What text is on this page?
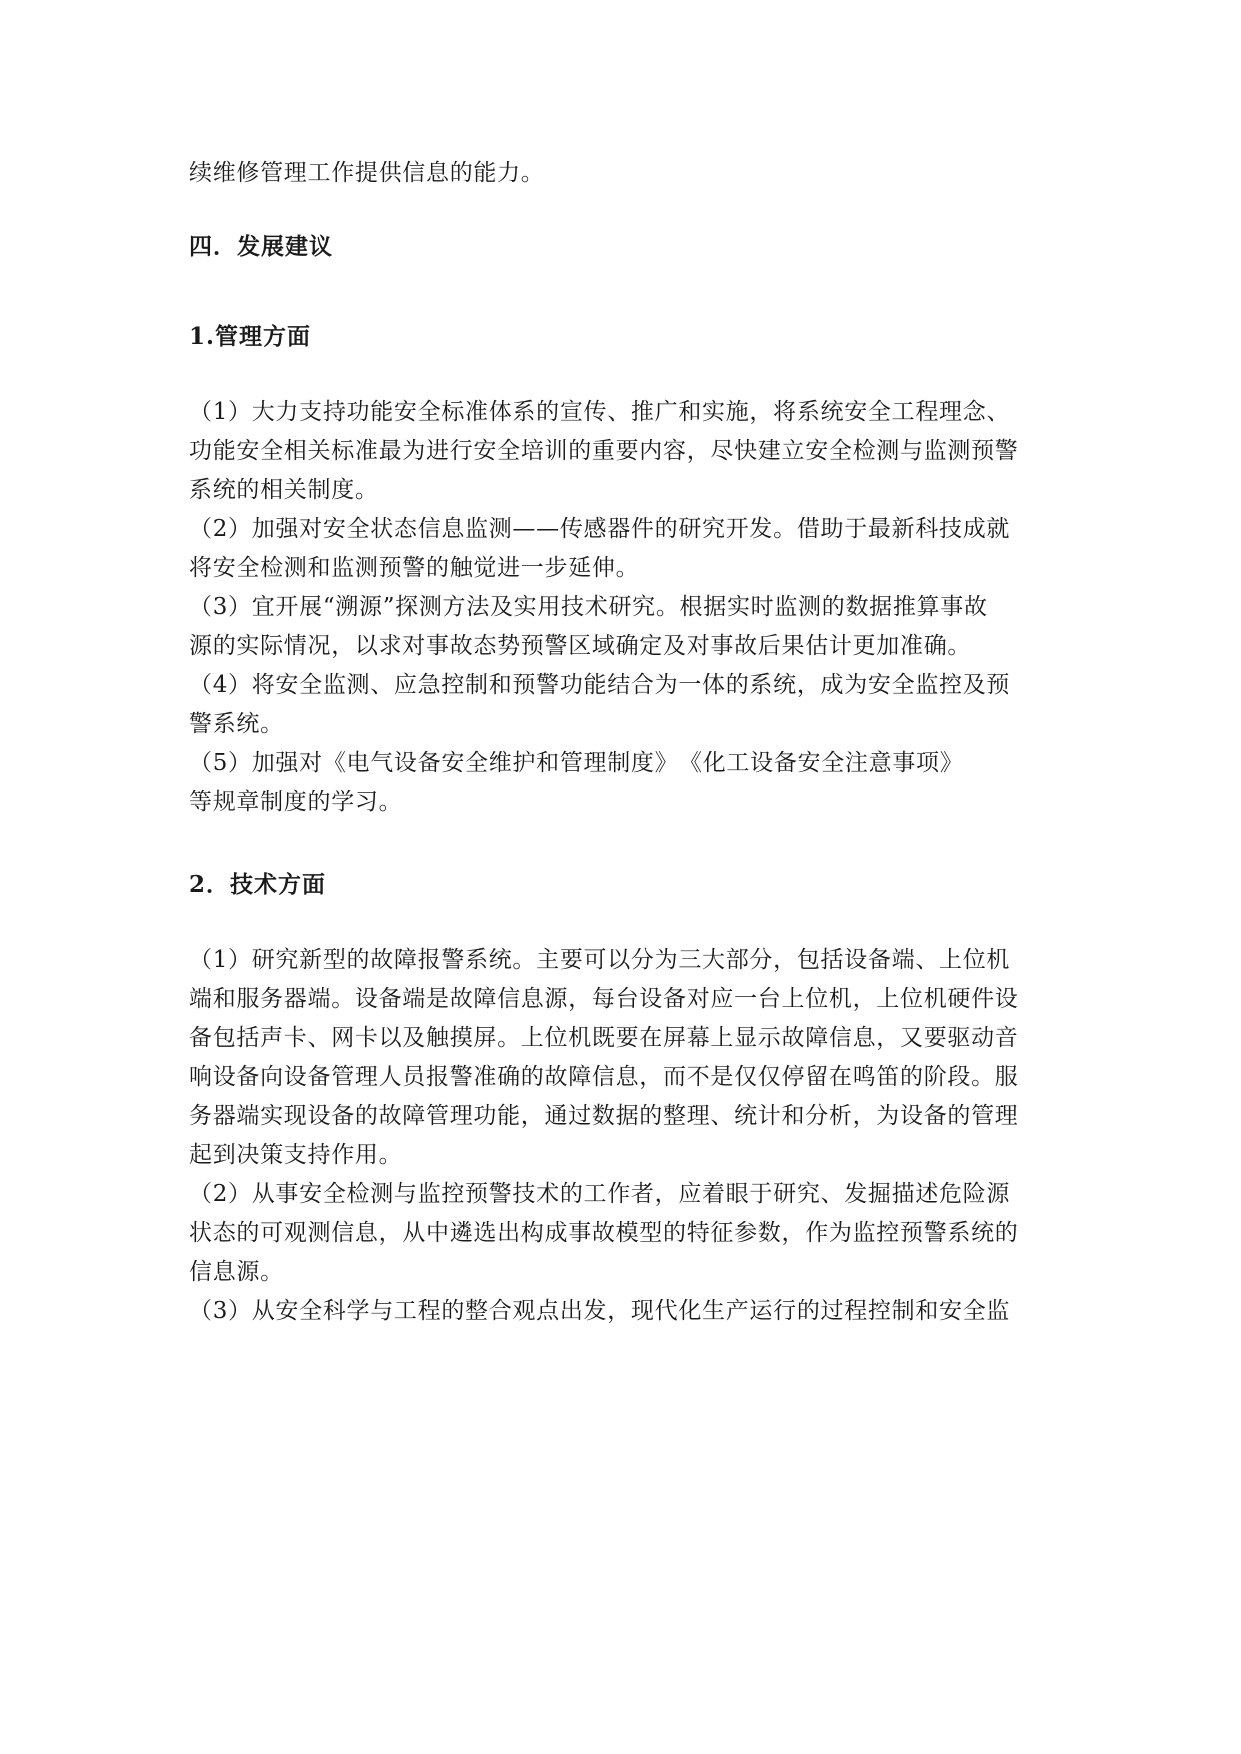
续维修管理工作提供信息的能力。
四．发展建议
1.管理方面
（1）大力支持功能安全标准体系的宣传、推广和实施，将系统安全工程理念、
功能安全相关标准最为进行安全培训的重要内容，尽快建立安全检测与监测预警
系统的相关制度。
（2）加强对安全状态信息监测——传感器件的研究开发。借助于最新科技成就
将安全检测和监测预警的触觉进一步延伸。
（3）宜开展“溯源”探测方法及实用技术研究。根据实时监测的数据推算事故
源的实际情况，以求对事故态势预警区域确定及对事故后果估计更加准确。
（4）将安全监测、应急控制和预警功能结合为一体的系统，成为安全监控及预
警系统。
（5）加强对《电气设备安全维护和管理制度》　《化工设备安全注意事项》
等规章制度的学习。
2．技术方面
（1）研究新型的故障报警系统。主要可以分为三大部分，包括设备端、上位机
端和服务器端。设备端是故障信息源，每台设备对应一台上位机，上位机硬件设
备包括声卡、网卡以及触摸屏。上位机既要在屏幕上显示故障信息，又要驱动音
响设备向设备管理人员报警准确的故障信息，而不是仅仅停留在鸣笛的阶段。服
务器端实现设备的故障管理功能，通过数据的整理、统计和分析，为设备的管理
起到决策支持作用。
（2）从事安全检测与监控预警技术的工作者，应着眼于研究、发掘描述危险源
状态的可观测信息，从中遴选出构成事故模型的特征参数，作为监控预警系统的
信息源。
（3）从安全科学与工程的整合观点出发，现代化生产运行的过程控制和安全监
